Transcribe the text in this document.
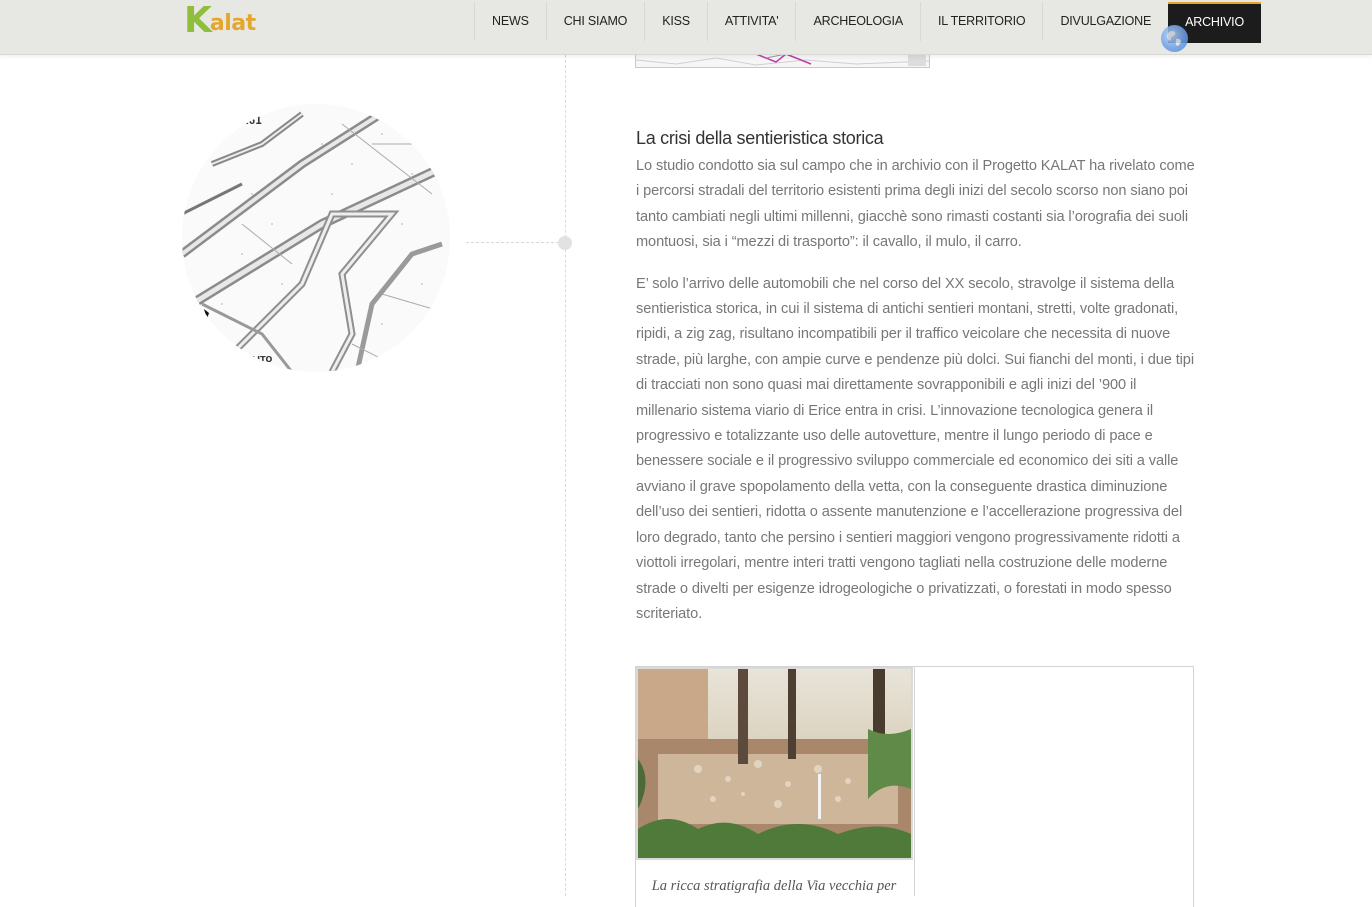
K alat	NEWS	CHI SIAMO	KISS	ATTIVITA'	ARCHEOLOGIA	IL TERRITORIO	DIVULGAZIONE	ARCHIVIO
161
LITO
La crisi della sentieristica storica

Lo studio condotto sia sul campo che in archivio con il Progetto KALAT ha rivelato come i percorsi stradali del territorio esistenti prima degli inizi del secolo scorso non siano poi tanto cambiati negli ultimi millenni, giacchè sono rimasti costanti sia l’orografia dei suoli montuosi, sia i “mezzi di trasporto”: il cavallo, il mulo, il carro.

E’ solo l’arrivo delle automobili che nel corso del XX secolo, stravolge il sistema della sentieristica storica, in cui il sistema di antichi sentieri montani, stretti, volte gradonati, ripidi, a zig zag, risultano incompatibili per il traffico veicolare che necessita di nuove strade, più larghe, con ampie curve e pendenze più dolci. Sui fianchi del monti, i due tipi di tracciati non sono quasi mai direttamente sovrapponibili e agli inizi del ’900 il millenario sistema viario di Erice entra in crisi. L’innovazione tecnologica genera il progressivo e totalizzante uso delle autovetture, mentre il lungo periodo di pace e benessere sociale e il progressivo sviluppo commerciale ed economico dei siti a valle avviano il grave spopolamento della vetta, con la conseguente drastica diminuzione dell’uso dei sentieri, ridotta o assente manutenzione e l’accellerazione progressiva del loro degrado, tanto che persino i sentieri maggiori vengono progressivamente ridotti a viottoli irregolari, mentre interi tratti vengono tagliati nella costruzione delle moderne strade o divelti per esigenze idrogeologiche o privatizzati, o forestati in modo spesso scriteriato.

La ricca stratigrafia della Via vecchia per
